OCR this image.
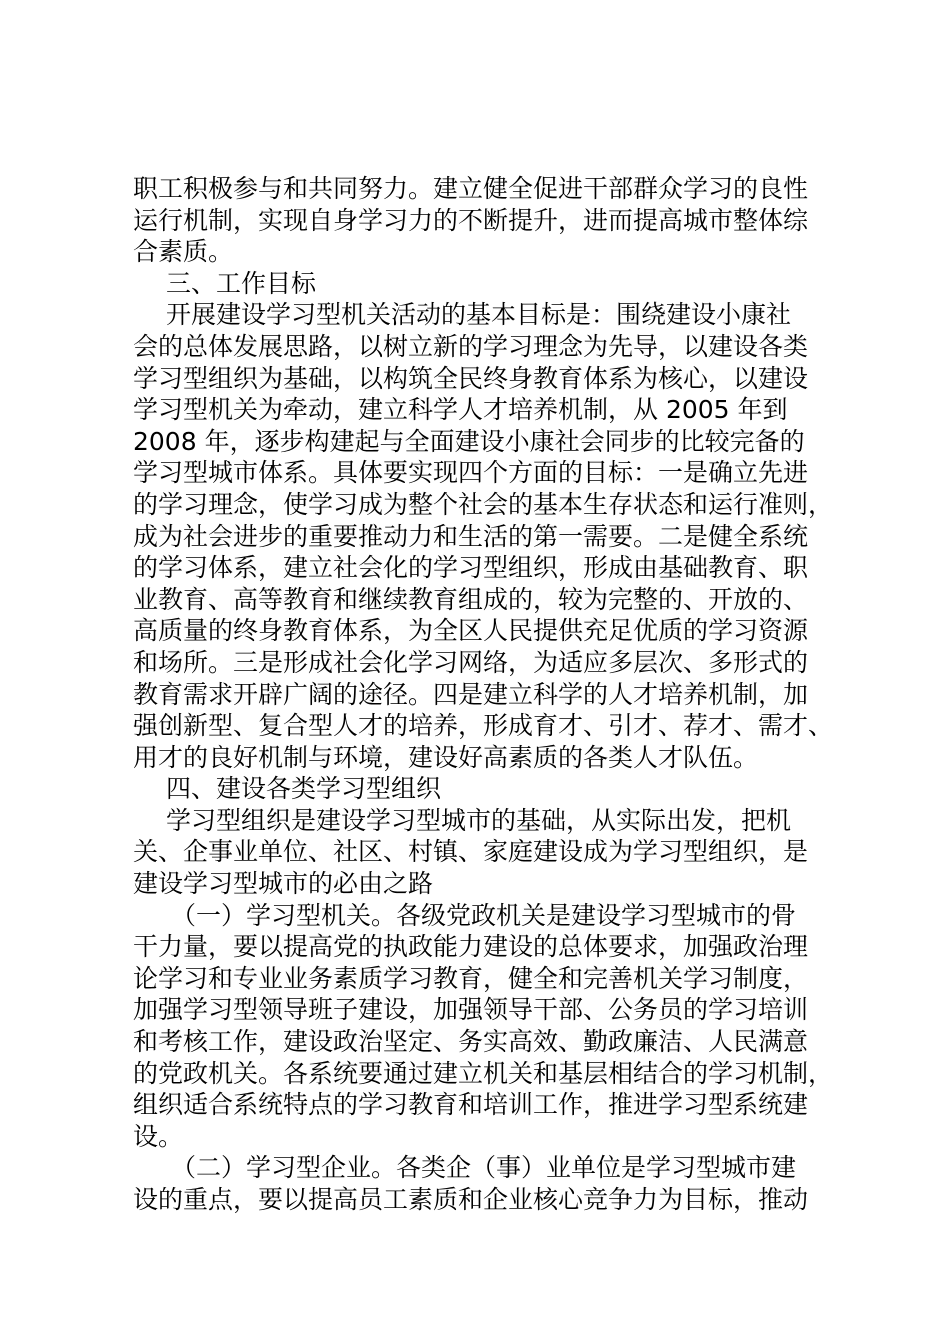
职工积极参与和共同努力。建立健全促进干部群众学习的良性
运行机制，实现自身学习力的不断提升，进而提高城市整体综
合素质。
三、工作目标
开展建设学习型机关活动的基本目标是：围绕建设小康社
会的总体发展思路，以树立新的学习理念为先导，以建设各类
学习型组织为基础，以构筑全民终身教育体系为核心，以建设
学习型机关为牵动，建立科学人才培养机制，从 2005 年到
2008 年，逐步构建起与全面建设小康社会同步的比较完备的
学习型城市体系。具体要实现四个方面的目标：一是确立先进
的学习理念，使学习成为整个社会的基本生存状态和运行准则，
成为社会进步的重要推动力和生活的第一需要。二是健全系统
的学习体系，建立社会化的学习型组织，形成由基础教育、职
业教育、高等教育和继续教育组成的，较为完整的、开放的、
高质量的终身教育体系，为全区人民提供充足优质的学习资源
和场所。三是形成社会化学习网络，为适应多层次、多形式的
教育需求开辟广阔的途径。四是建立科学的人才培养机制，加
强创新型、复合型人才的培养，形成育才、引才、荐才、需才、
用才的良好机制与环境，建设好高素质的各类人才队伍。
四、建设各类学习型组织
学习型组织是建设学习型城市的基础，从实际出发，把机
关、企事业单位、社区、村镇、家庭建设成为学习型组织，是
建设学习型城市的必由之路
（一）学习型机关。各级党政机关是建设学习型城市的骨
干力量，要以提高党的执政能力建设的总体要求，加强政治理
论学习和专业业务素质学习教育，健全和完善机关学习制度，
加强学习型领导班子建设，加强领导干部、公务员的学习培训
和考核工作，建设政治坚定、务实高效、勤政廉洁、人民满意
的党政机关。各系统要通过建立机关和基层相结合的学习机制，
组织适合系统特点的学习教育和培训工作，推进学习型系统建
设。
（二）学习型企业。各类企（事）业单位是学习型城市建
设的重点，要以提高员工素质和企业核心竞争力为目标，推动
